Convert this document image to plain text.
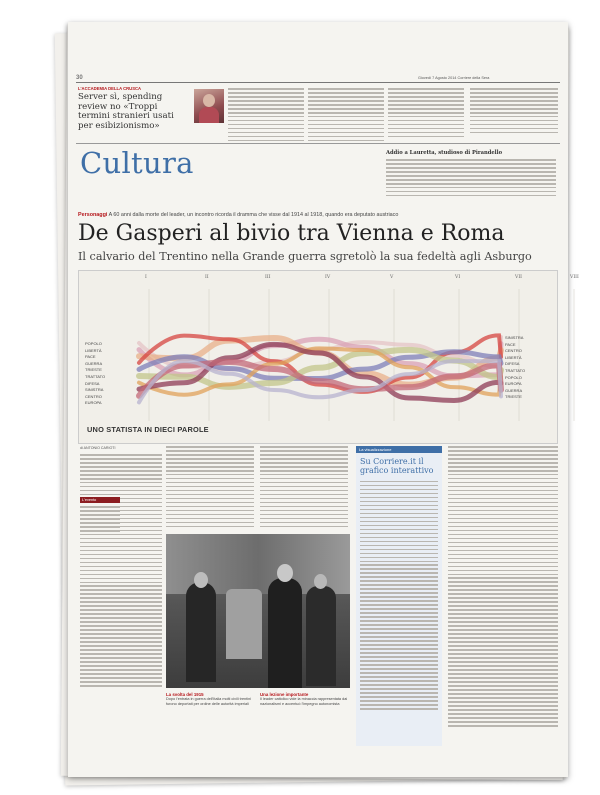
30	Giovedì 7 Agosto 2014 Corriere della Sera
L'ACCADEMIA DELLA CRUSCA
Server sì, spending review no «Troppi termini stranieri usati per esibizionismo»
Cultura	Addio a Lauretta, studioso di Pirandello
Personaggi A 60 anni dalla morte del leader, un incontro ricorda il dramma che visse dal 1914 al 1918, quando era deputato austriaco
De Gasperi al bivio tra Vienna e Roma
Il calvario del Trentino nella Grande guerra sgretolò la sua fedeltà agli Asburgo
POPOLO
LIBERTÀ
PACE
GUERRA
TRIESTE
TRATTATO
DIFESA
SINISTRA
CENTRO
EUROPA
SINISTRA
PACE
CENTRO
LIBERTÀ
DIFESA
TRATTATO
POPOLO
EUROPA
GUERRA
TRIESTE
I	II	III	IV	V	VI	VII	VIII
UNO STATISTA IN DIECI PAROLE
di ANTONIO CARIOTI
L'evento
La svolta del 1915
Dopo l'entrata in guerra dell'Italia molti civili trentini furono deportati per ordine delle autorità imperiali
Una lezione importante
Il leader cattolico vide la minaccia rappresentata dai nazionalismi e accentuò l'impegno autonomista
La visualizzazione
Su Corriere.it il grafico interattivo
